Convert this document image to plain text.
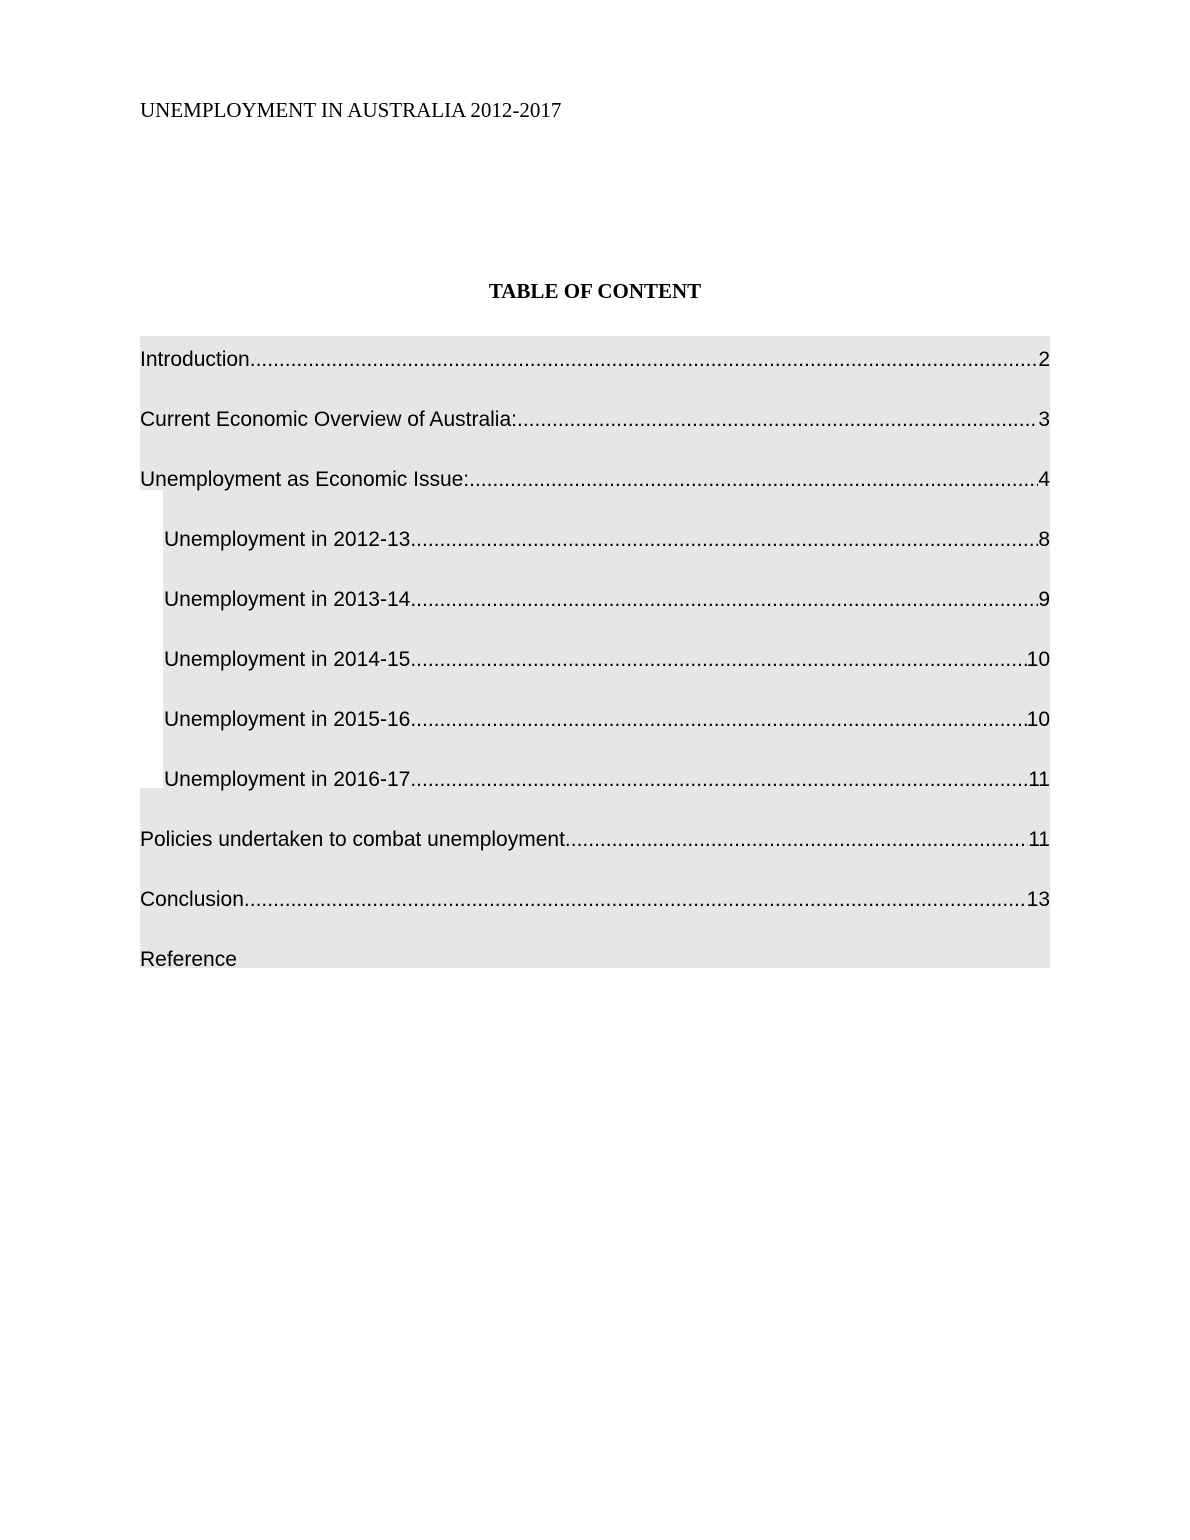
UNEMPLOYMENT IN AUSTRALIA 2012-2017
TABLE OF CONTENT
Introduction .....	2
Current Economic Overview of Australia: .....	3
Unemployment as Economic Issue: .....	4
Unemployment in 2012-13 .....	8
Unemployment in 2013-14 .....	9
Unemployment in 2014-15 .....	10
Unemployment in 2015-16 .....	10
Unemployment in 2016-17 .....	11
Policies undertaken to combat unemployment .....	11
Conclusion .....	13
Reference
